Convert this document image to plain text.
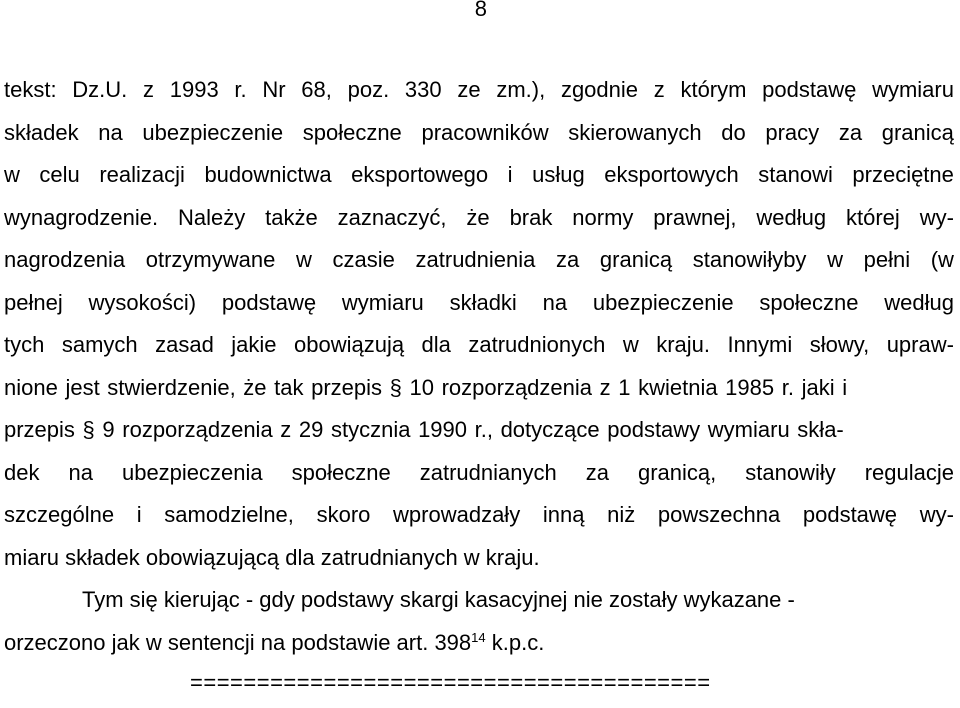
8
tekst: Dz.U. z 1993 r. Nr 68, poz. 330 ze zm.), zgodnie z którym podstawę wymiaru
składek na ubezpieczenie społeczne pracowników skierowanych do pracy za granicą
w celu realizacji budownictwa eksportowego i usług eksportowych stanowi przeciętne
wynagrodzenie. Należy także zaznaczyć, że brak normy prawnej, według której wy-
nagrodzenia otrzymywane w czasie zatrudnienia za granicą stanowiłyby w pełni (w
pełnej wysokości) podstawę wymiaru składki na ubezpieczenie społeczne według
tych samych zasad jakie obowiązują dla zatrudnionych w kraju. Innymi słowy, upraw-
nione jest stwierdzenie, że tak przepis § 10 rozporządzenia z 1 kwietnia 1985 r. jaki i
przepis § 9 rozporządzenia z 29 stycznia 1990 r., dotyczące podstawy wymiaru skła-
dek na ubezpieczenia społeczne zatrudnianych za granicą, stanowiły regulacje
szczególne i samodzielne, skoro wprowadzały inną niż powszechna podstawę wy-
miaru składek obowiązującą dla zatrudnianych w kraju.
Tym się kierując - gdy podstawy skargi kasacyjnej nie zostały wykazane -
orzeczono jak w sentencji na podstawie art. $398^{14}$ k.p.c.
=======================================
